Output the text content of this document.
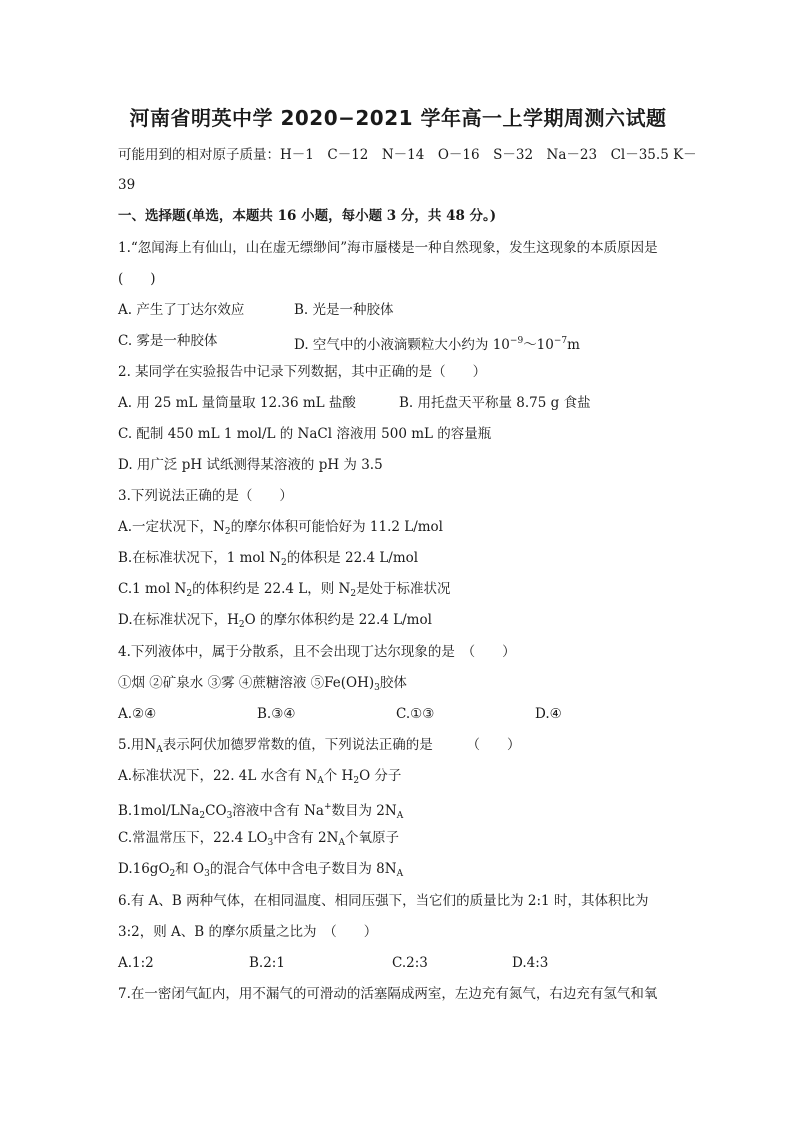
河南省明英中学 2020−2021 学年高一上学期周测六试题
可能用到的相对原子质量：H－1　C－12　N－14　O－16　S－32　Na－23　Cl－35.5 K－
39
一、选择题(单选，本题共 16 小题，每小题 3 分，共 48 分。)
1.“忽闻海上有仙山，山在虚无缥缈间”海市蜃楼是一种自然现象，发生这现象的本质原因是
(　　)
A. 产生了丁达尔效应	B. 光是一种胶体
C. 雾是一种胶体	D. 空气中的小液滴颗粒大小约为 $10^{-9}\sim 10^{-7}m$
2. 某同学在实验报告中记录下列数据，其中正确的是（　　）
A. 用 25 mL 量筒量取 12.36 mL 盐酸	B. 用托盘天平称量 8.75 g 食盐
C. 配制 450 mL 1 mol/L 的 NaCl 溶液用 500 mL 的容量瓶
D. 用广泛 pH 试纸测得某溶液的 pH 为 3.5
3.下列说法正确的是（　　）
A.一定状况下，$N_2$的摩尔体积可能恰好为 11.2 L/mol
B.在标准状况下，1 mol $N_2$的体积是 22.4 L/mol
C.1 mol $N_2$的体积约是 22.4 L，则 $N_2$是处于标准状况
D.在标准状况下，$H_2O$ 的摩尔体积约是 22.4 L/mol
4.下列液体中，属于分散系，且不会出现丁达尔现象的是　（　　）
①烟 ②矿泉水 ③雾 ④蔗糖溶液 $⑤Fe(OH)_3$胶体
A.②④	B.③④	C.①③	D.④
5.用$N_A$表示阿伏加德罗常数的值，下列说法正确的是　　　（　　）
A.标准状况下，22. 4L 水含有 $N_A$个 $H_2O$ 分子
$B.1mol/LNa_2CO_3$溶液中含有 Na+数目为 $2N_A$
C.常温常压下，22.4 $LO_3$中含有 $2N_A$个氧原子
$D.16gO_2$和 $O_3$的混合气体中含电子数目为 $8N_A$
6.有 A、B 两种气体，在相同温度、相同压强下，当它们的质量比为 2:1 时，其体积比为
3:2，则 A、B 的摩尔质量之比为　（　　）
A.1:2	B.2:1	C.2:3	D.4:3
7.在一密闭气缸内，用不漏气的可滑动的活塞隔成两室，左边充有氮气，右边充有氢气和氧
